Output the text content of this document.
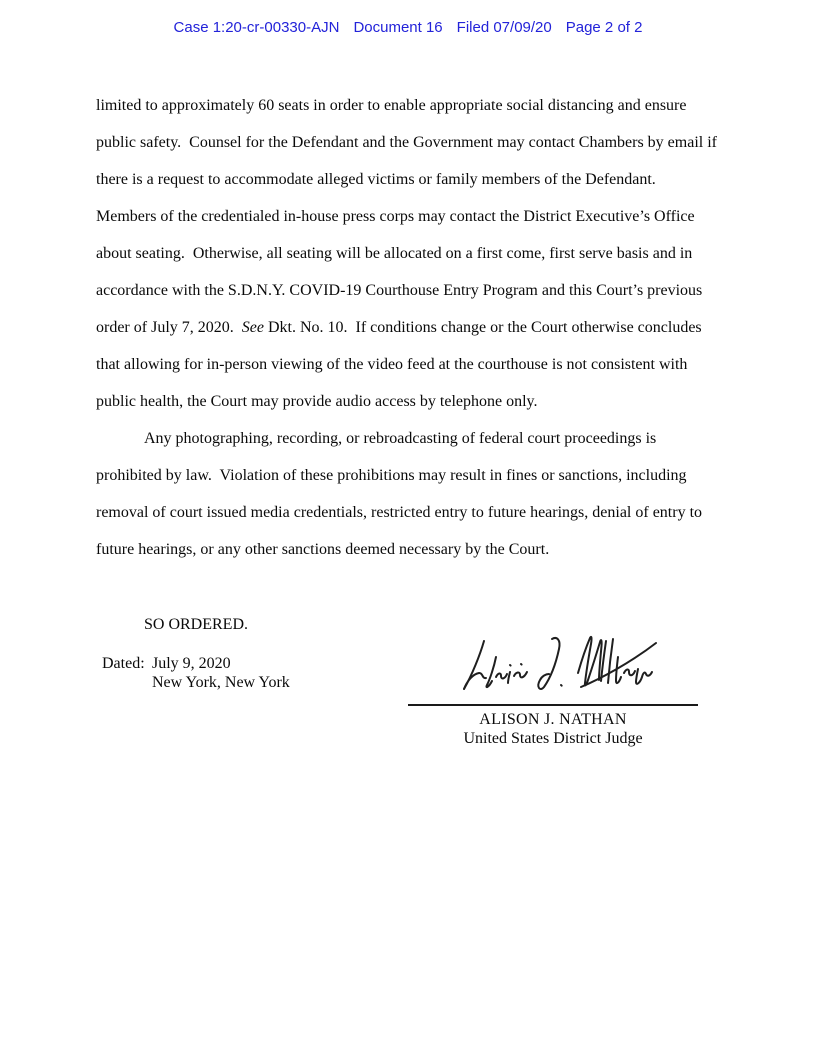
Case 1:20-cr-00330-AJN Document 16 Filed 07/09/20 Page 2 of 2
limited to approximately 60 seats in order to enable appropriate social distancing and ensure
public safety.  Counsel for the Defendant and the Government may contact Chambers by email if
there is a request to accommodate alleged victims or family members of the Defendant.
Members of the credentialed in-house press corps may contact the District Executive’s Office
about seating.  Otherwise, all seating will be allocated on a first come, first serve basis and in
accordance with the S.D.N.Y. COVID-19 Courthouse Entry Program and this Court’s previous
order of July 7, 2020.  See Dkt. No. 10.  If conditions change or the Court otherwise concludes
that allowing for in-person viewing of the video feed at the courthouse is not consistent with
public health, the Court may provide audio access by telephone only.
Any photographing, recording, or rebroadcasting of federal court proceedings is
prohibited by law.  Violation of these prohibitions may result in fines or sanctions, including
removal of court issued media credentials, restricted entry to future hearings, denial of entry to
future hearings, or any other sanctions deemed necessary by the Court.
SO ORDERED.
Dated: July 9, 2020
New York, New York
ALISON J. NATHAN
United States District Judge
